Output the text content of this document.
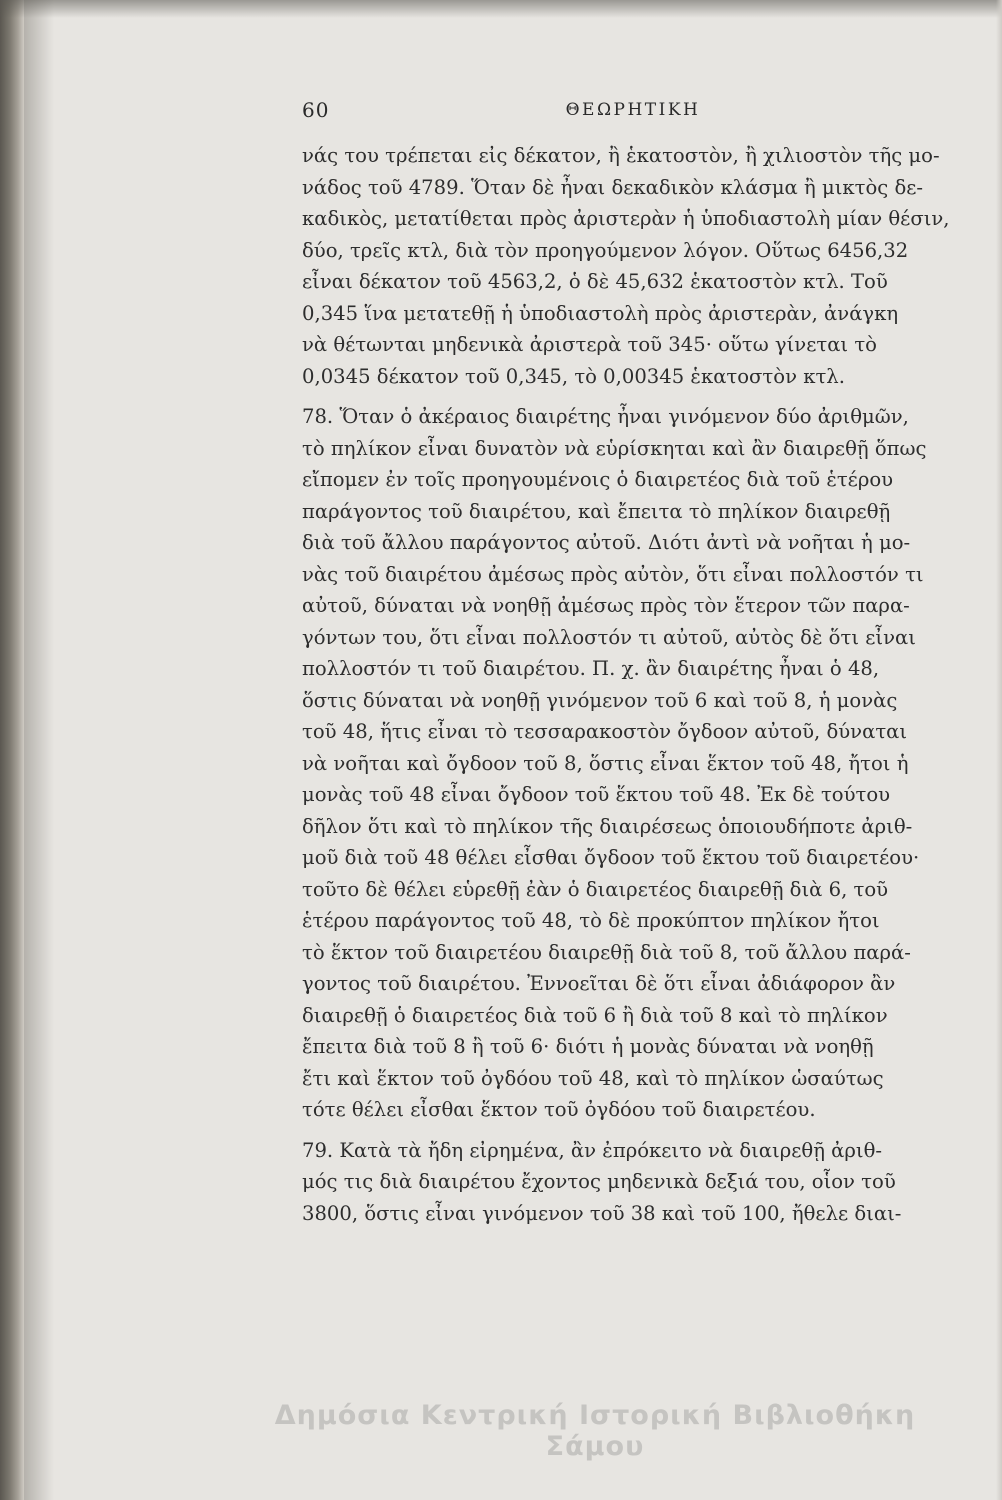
60	ΘΕΩΡΗΤΙΚΗ
νάς του τρέπεται εἰς δέκατον, ἢ ἑκατοστὸν, ἢ χιλιοστὸν τῆς μο-
νάδος τοῦ 4789. Ὅταν δὲ ἦναι δεκαδικὸν κλάσμα ἢ μικτὸς δε-
καδικὸς, μετατίθεται πρὸς ἀριστερὰν ἡ ὑποδιαστολὴ μίαν θέσιν,
δύο, τρεῖς κτλ, διὰ τὸν προηγούμενον λόγον. Οὕτως 6456,32
εἶναι δέκατον τοῦ 4563,2, ὁ δὲ 45,632 ἑκατοστὸν κτλ. Τοῦ
0,345 ἵνα μετατεθῇ ἡ ὑποδιαστολὴ πρὸς ἀριστερὰν, ἀνάγκη
νὰ θέτωνται μηδενικὰ ἀριστερὰ τοῦ 345· οὕτω γίνεται τὸ
0,0345 δέκατον τοῦ 0,345, τὸ 0,00345 ἑκατοστὸν κτλ.
78. Ὅταν ὁ ἀκέραιος διαιρέτης ἦναι γινόμενον δύο ἀριθμῶν,
τὸ πηλίκον εἶναι δυνατὸν νὰ εὑρίσκηται καὶ ἂν διαιρεθῇ ὅπως
εἴπομεν ἐν τοῖς προηγουμένοις ὁ διαιρετέος διὰ τοῦ ἑτέρου
παράγοντος τοῦ διαιρέτου, καὶ ἔπειτα τὸ πηλίκον διαιρεθῇ
διὰ τοῦ ἄλλου παράγοντος αὐτοῦ. Διότι ἀντὶ νὰ νοῆται ἡ μο-
νὰς τοῦ διαιρέτου ἀμέσως πρὸς αὐτὸν, ὅτι εἶναι πολλοστόν τι
αὐτοῦ, δύναται νὰ νοηθῇ ἀμέσως πρὸς τὸν ἕτερον τῶν παρα-
γόντων του, ὅτι εἶναι πολλοστόν τι αὐτοῦ, αὐτὸς δὲ ὅτι εἶναι
πολλοστόν τι τοῦ διαιρέτου. Π. χ. ἂν διαιρέτης ἦναι ὁ 48,
ὅστις δύναται νὰ νοηθῇ γινόμενον τοῦ 6 καὶ τοῦ 8, ἡ μονὰς
τοῦ 48, ἥτις εἶναι τὸ τεσσαρακοστὸν ὄγδοον αὐτοῦ, δύναται
νὰ νοῆται καὶ ὄγδοον τοῦ 8, ὅστις εἶναι ἕκτον τοῦ 48, ἤτοι ἡ
μονὰς τοῦ 48 εἶναι ὄγδοον τοῦ ἕκτου τοῦ 48. Ἐκ δὲ τούτου
δῆλον ὅτι καὶ τὸ πηλίκον τῆς διαιρέσεως ὁποιουδήποτε ἀριθ-
μοῦ διὰ τοῦ 48 θέλει εἶσθαι ὄγδοον τοῦ ἕκτου τοῦ διαιρετέου·
τοῦτο δὲ θέλει εὑρεθῇ ἐὰν ὁ διαιρετέος διαιρεθῇ διὰ 6, τοῦ
ἑτέρου παράγοντος τοῦ 48, τὸ δὲ προκύπτον πηλίκον ἤτοι
τὸ ἕκτον τοῦ διαιρετέου διαιρεθῇ διὰ τοῦ 8, τοῦ ἄλλου παρά-
γοντος τοῦ διαιρέτου. Ἐννοεῖται δὲ ὅτι εἶναι ἀδιάφορον ἂν
διαιρεθῇ ὁ διαιρετέος διὰ τοῦ 6 ἢ διὰ τοῦ 8 καὶ τὸ πηλίκον
ἔπειτα διὰ τοῦ 8 ἢ τοῦ 6· διότι ἡ μονὰς δύναται νὰ νοηθῇ
ἔτι καὶ ἕκτον τοῦ ὀγδόου τοῦ 48, καὶ τὸ πηλίκον ὡσαύτως
τότε θέλει εἶσθαι ἕκτον τοῦ ὀγδόου τοῦ διαιρετέου.
79. Κατὰ τὰ ἤδη εἰρημένα, ἂν ἐπρόκειτο νὰ διαιρεθῇ ἀριθ-
μός τις διὰ διαιρέτου ἔχοντος μηδενικὰ δεξιά του, οἷον τοῦ
3800, ὅστις εἶναι γινόμενον τοῦ 38 καὶ τοῦ 100, ἤθελε διαι-
Δημόσια Κεντρική Ιστορική Βιβλιοθήκη Σάμου
